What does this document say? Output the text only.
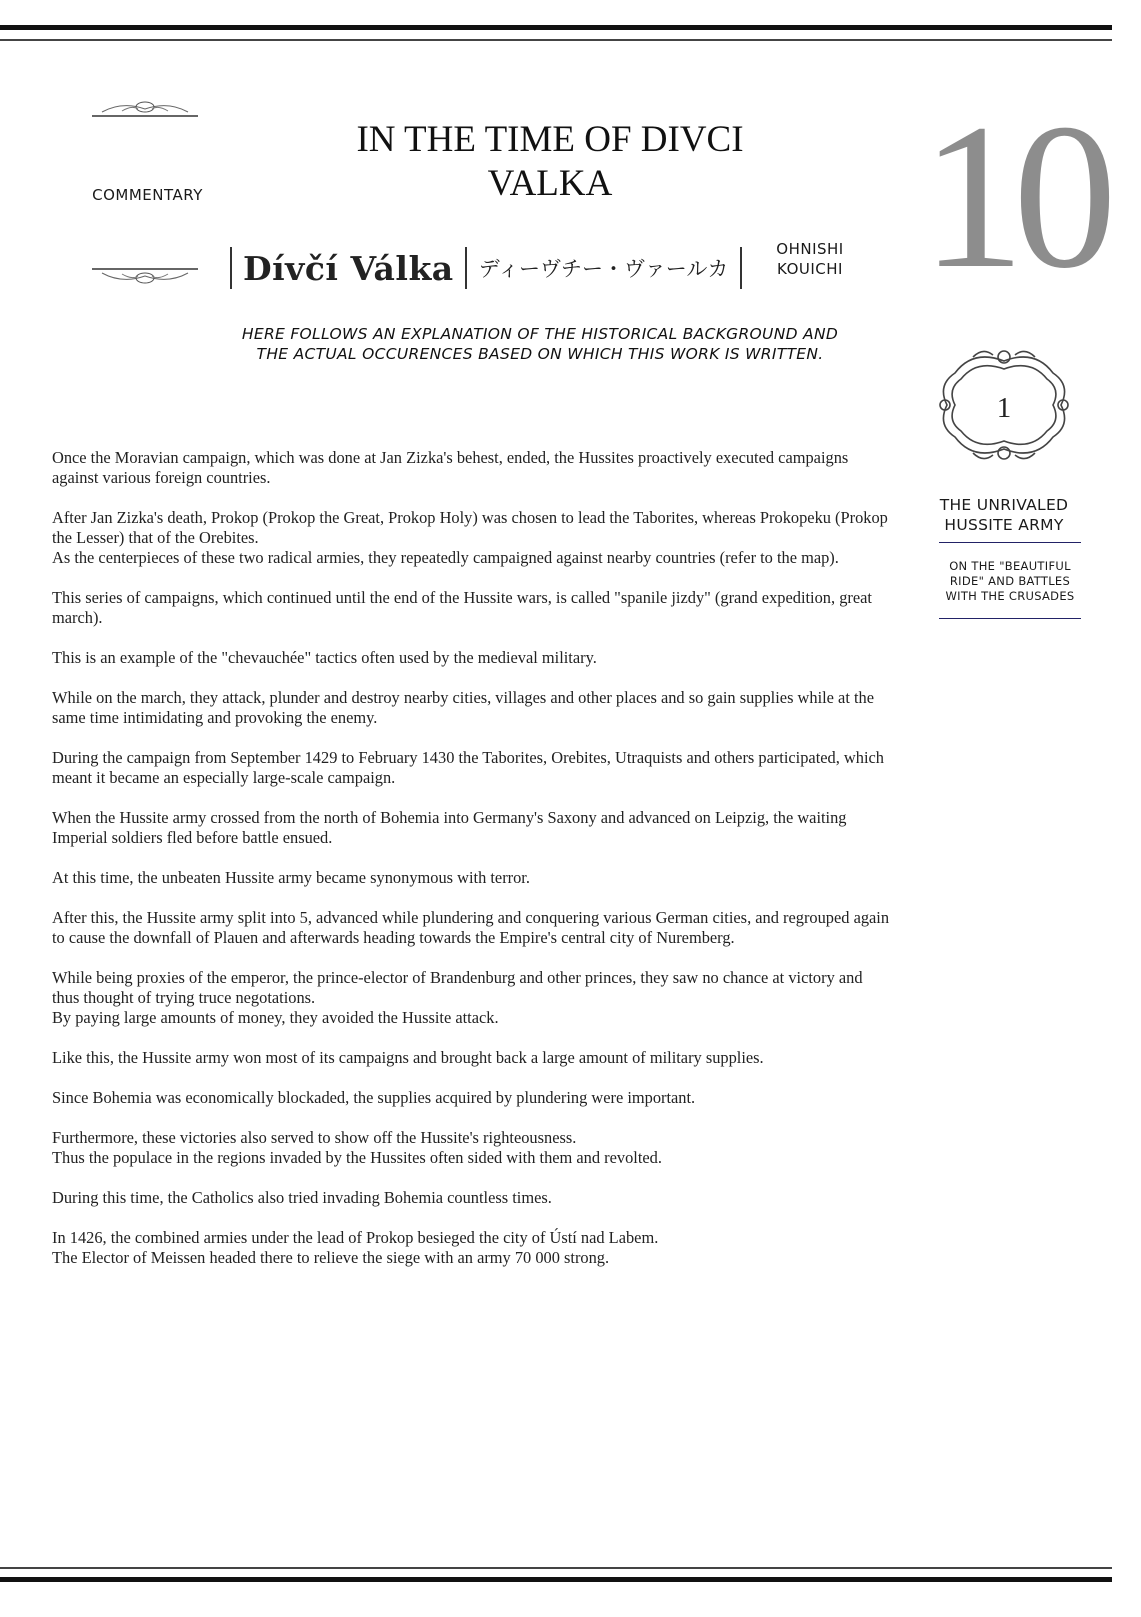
COMMENTARY
IN THE TIME OF DIVCI VALKA
Dívčí Válka	ディーヴチー・ヴァールカ
OHNISHI
KOUICHI 10
HERE FOLLOWS AN EXPLANATION OF THE HISTORICAL BACKGROUND AND THE ACTUAL OCCURENCES BASED ON WHICH THIS WORK IS WRITTEN.
1
THE UNRIVALED HUSSITE ARMY
ON THE "BEAUTIFUL RIDE" AND BATTLES WITH THE CRUSADES

Once the Moravian campaign, which was done at Jan Zizka's behest, ended, the Hussites proactively executed campaigns against various foreign countries.

After Jan Zizka's death, Prokop (Prokop the Great, Prokop Holy) was chosen to lead the Taborites, whereas Prokopeku (Prokop the Lesser) that of the Orebites.
As the centerpieces of these two radical armies, they repeatedly campaigned against nearby countries (refer to the map).

This series of campaigns, which continued until the end of the Hussite wars, is called "spanile jizdy" (grand expedition, great march).

This is an example of the "chevauchée" tactics often used by the medieval military.

While on the march, they attack, plunder and destroy nearby cities, villages and other places and so gain supplies while at the same time intimidating and provoking the enemy.

During the campaign from September 1429 to February 1430 the Taborites, Orebites, Utraquists and others participated, which meant it became an especially large-scale campaign.

When the Hussite army crossed from the north of Bohemia into Germany's Saxony and advanced on Leipzig, the waiting Imperial soldiers fled before battle ensued.

At this time, the unbeaten Hussite army became synonymous with terror.

After this, the Hussite army split into 5, advanced while plundering and conquering various German cities, and regrouped again to cause the downfall of Plauen and afterwards heading towards the Empire's central city of Nuremberg.

While being proxies of the emperor, the prince-elector of Brandenburg and other princes, they saw no chance at victory and thus thought of trying truce negotations.
By paying large amounts of money, they avoided the Hussite attack.

Like this, the Hussite army won most of its campaigns and brought back a large amount of military supplies.

Since Bohemia was economically blockaded, the supplies acquired by plundering were important.

Furthermore, these victories also served to show off the Hussite's righteousness.
Thus the populace in the regions invaded by the Hussites often sided with them and revolted.

During this time, the Catholics also tried invading Bohemia countless times.

In 1426, the combined armies under the lead of Prokop besieged the city of Ústí nad Labem.
The Elector of Meissen headed there to relieve the siege with an army 70 000 strong.
